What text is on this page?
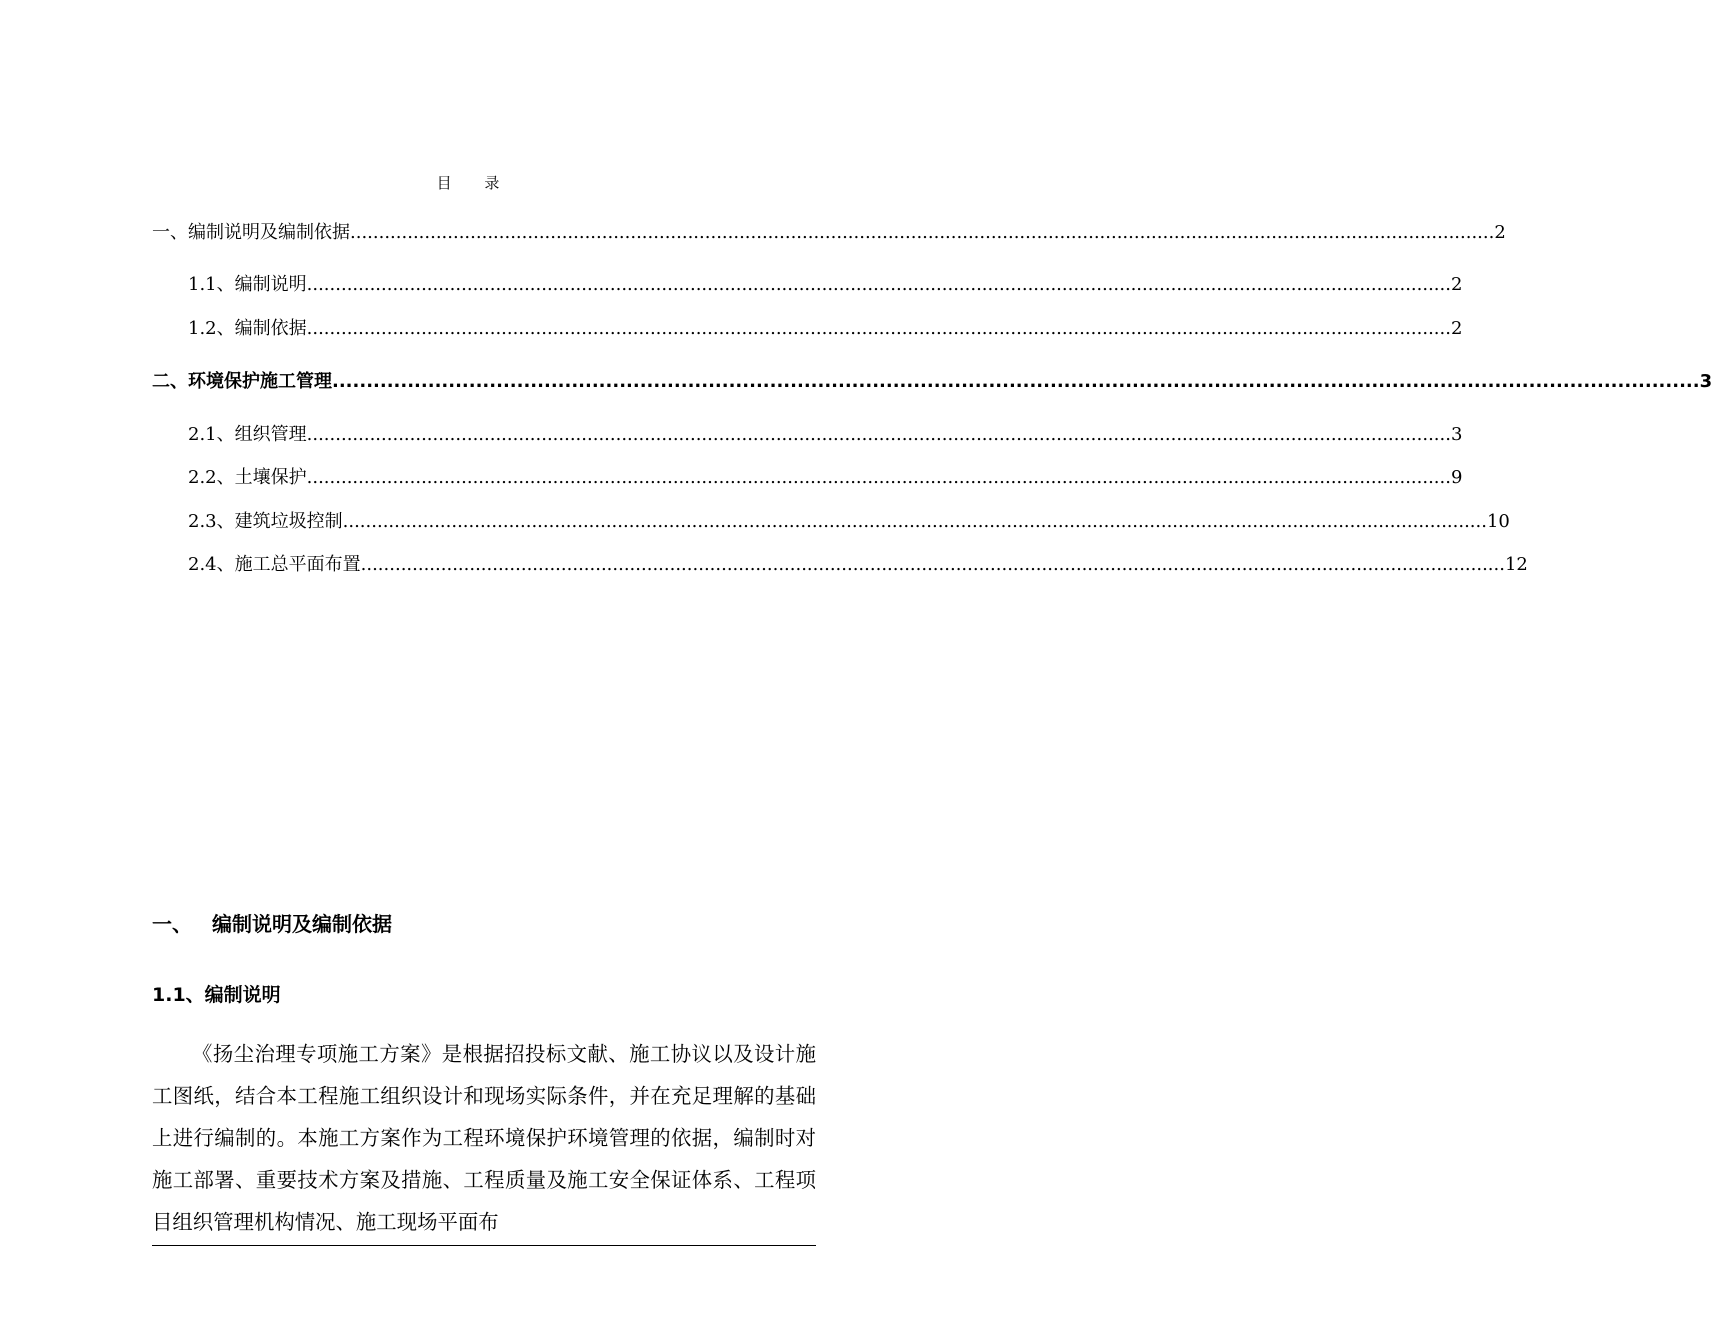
目 录
一、 编制说明及编制依据 ........................................................................................................................................................................................................ 2
1.1、编制说明 ........................................................................................................................................................................................................ 2
1.2、编制依据 ........................................................................................................................................................................................................ 2
二、环境保护施工管理 ........................................................................................................................................................................................................ 3
2.1、组织管理 ........................................................................................................................................................................................................ 3
2.2、土壤保护 ........................................................................................................................................................................................................ 9
2.3、建筑垃圾控制 ........................................................................................................................................................................................................ 10
2.4、施工总平面布置 ........................................................................................................................................................................................................ 12
一、 编制说明及编制依据
1.1、编制说明

《扬尘治理专项施工方案》是根据招投标文献、施工协议以及设计施工图纸，结合本工程施工组织设计和现场实际条件，并在充足理解的基础上进行编制的。本施工方案作为工程环境保护环境管理的依据，编制时对施工部署、重要技术方案及措施、工程质量及施工安全保证体系、工程项目组织管理机构情况、施工现场平面布
